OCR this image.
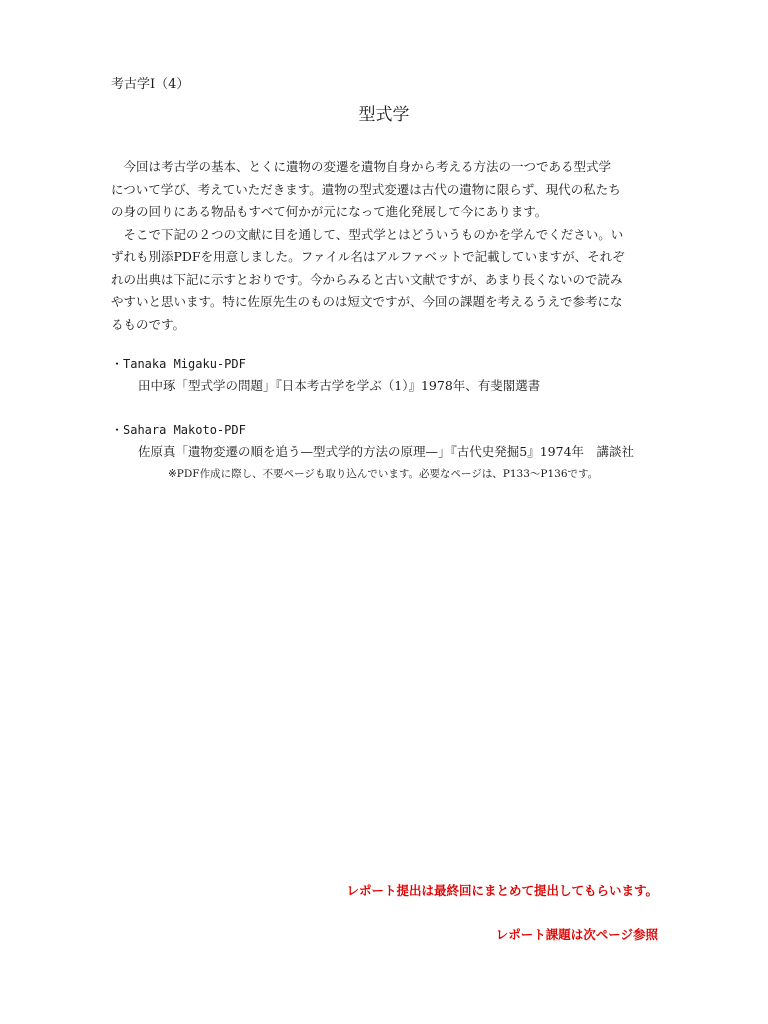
考古学Ⅰ（4）
型式学
　今回は考古学の基本、とくに遺物の変遷を遺物自身から考える方法の一つである型式学
について学び、考えていただきます。遺物の型式変遷は古代の遺物に限らず、現代の私たち
の身の回りにある物品もすべて何かが元になって進化発展して今にあります。
　そこで下記の２つの文献に目を通して、型式学とはどういうものかを学んでください。い
ずれも別添PDFを用意しました。ファイル名はアルファベットで記載していますが、それぞ
れの出典は下記に示すとおりです。今からみると古い文献ですが、あまり長くないので読み
やすいと思います。特に佐原先生のものは短文ですが、今回の課題を考えるうえで参考にな
るものです。
・Tanaka Migaku-PDF
田中琢「型式学の問題」『日本考古学を学ぶ（1）』1978年、有斐閣選書
・Sahara Makoto-PDF
佐原真「遺物変遷の順を追う—型式学的方法の原理—」『古代史発掘5』1974年　講談社
※PDF作成に際し、不要ページも取り込んでいます。必要なページは、P133～P136です。
レポート提出は最終回にまとめて提出してもらいます。
レポート課題は次ページ参照
